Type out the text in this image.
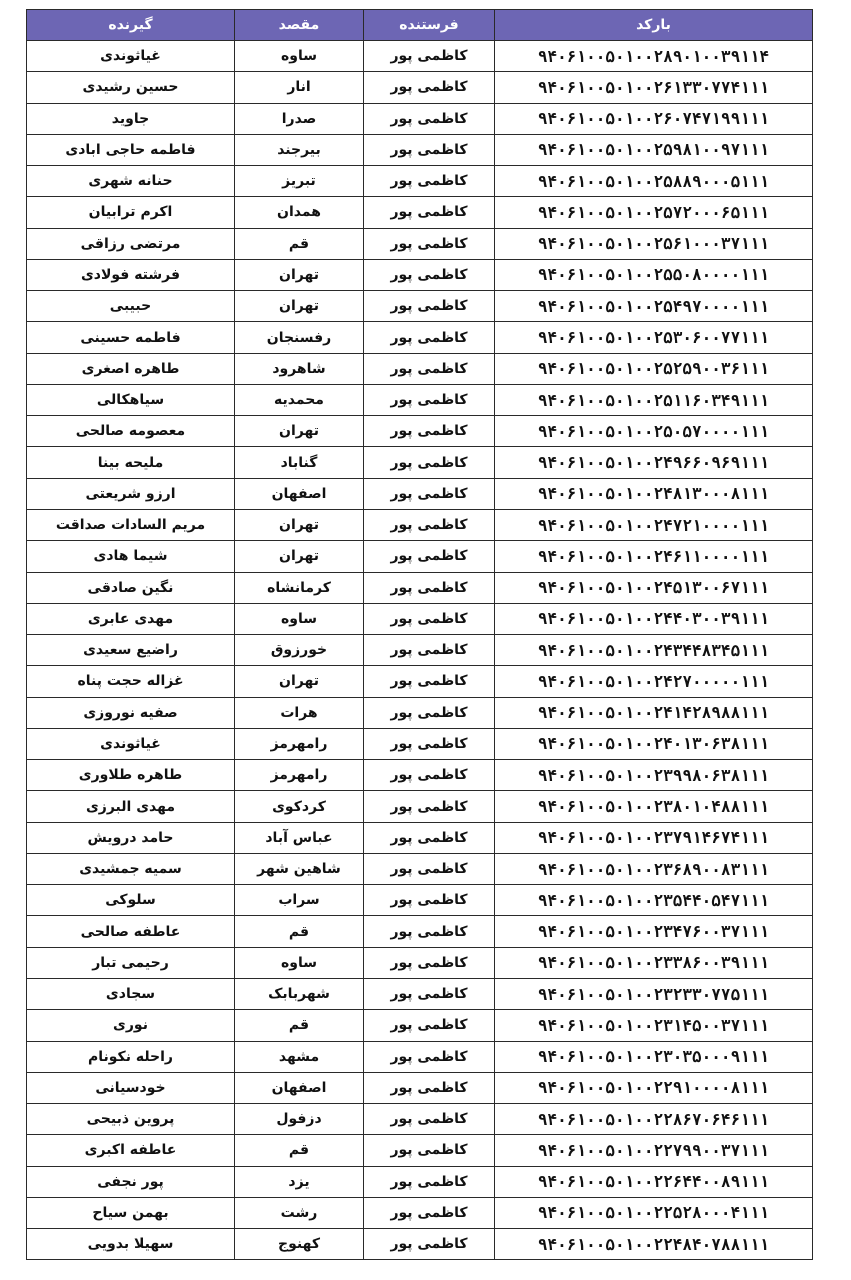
گیرنده	مقصد	فرستنده	بارکد
غیاثوندی	ساوه	کاظمی پور	۹۴۰۶۱۰۰۵۰۱۰۰۲۸۹۰۱۰۰۳۹۱۱۴
حسین رشیدی	انار	کاظمی پور	۹۴۰۶۱۰۰۵۰۱۰۰۲۶۱۳۳۰۷۷۴۱۱۱
جاوید	صدرا	کاظمی پور	۹۴۰۶۱۰۰۵۰۱۰۰۲۶۰۷۴۷۱۹۹۱۱۱
فاطمه حاجی ابادی	بیرجند	کاظمی پور	۹۴۰۶۱۰۰۵۰۱۰۰۲۵۹۸۱۰۰۹۷۱۱۱
حنانه شهری	تبریز	کاظمی پور	۹۴۰۶۱۰۰۵۰۱۰۰۲۵۸۸۹۰۰۰۵۱۱۱
اکرم ترابیان	همدان	کاظمی پور	۹۴۰۶۱۰۰۵۰۱۰۰۲۵۷۲۰۰۰۶۵۱۱۱
مرتضی رزاقی	قم	کاظمی پور	۹۴۰۶۱۰۰۵۰۱۰۰۲۵۶۱۰۰۰۳۷۱۱۱
فرشته فولادی	تهران	کاظمی پور	۹۴۰۶۱۰۰۵۰۱۰۰۲۵۵۰۸۰۰۰۰۱۱۱
حبیبی	تهران	کاظمی پور	۹۴۰۶۱۰۰۵۰۱۰۰۲۵۴۹۷۰۰۰۰۱۱۱
فاطمه حسینی	رفسنجان	کاظمی پور	۹۴۰۶۱۰۰۵۰۱۰۰۲۵۳۰۶۰۰۷۷۱۱۱
طاهره اصغری	شاهرود	کاظمی پور	۹۴۰۶۱۰۰۵۰۱۰۰۲۵۲۵۹۰۰۳۶۱۱۱
سیاهکالی	محمدیه	کاظمی پور	۹۴۰۶۱۰۰۵۰۱۰۰۲۵۱۱۶۰۳۴۹۱۱۱
معصومه صالحی	تهران	کاظمی پور	۹۴۰۶۱۰۰۵۰۱۰۰۲۵۰۵۷۰۰۰۰۱۱۱
ملیحه بینا	گناباد	کاظمی پور	۹۴۰۶۱۰۰۵۰۱۰۰۲۴۹۶۶۰۹۶۹۱۱۱
ارزو شریعتی	اصفهان	کاظمی پور	۹۴۰۶۱۰۰۵۰۱۰۰۲۴۸۱۳۰۰۰۸۱۱۱
مریم السادات صداقت	تهران	کاظمی پور	۹۴۰۶۱۰۰۵۰۱۰۰۲۴۷۲۱۰۰۰۰۱۱۱
شیما هادی	تهران	کاظمی پور	۹۴۰۶۱۰۰۵۰۱۰۰۲۴۶۱۱۰۰۰۰۱۱۱
نگین صادقی	کرمانشاه	کاظمی پور	۹۴۰۶۱۰۰۵۰۱۰۰۲۴۵۱۳۰۰۶۷۱۱۱
مهدی عابری	ساوه	کاظمی پور	۹۴۰۶۱۰۰۵۰۱۰۰۲۴۴۰۳۰۰۳۹۱۱۱
راضیع سعیدی	خورزوق	کاظمی پور	۹۴۰۶۱۰۰۵۰۱۰۰۲۴۳۴۴۸۳۴۵۱۱۱
غزاله حجت پناه	تهران	کاظمی پور	۹۴۰۶۱۰۰۵۰۱۰۰۲۴۲۷۰۰۰۰۰۱۱۱
صفیه نوروزی	هرات	کاظمی پور	۹۴۰۶۱۰۰۵۰۱۰۰۲۴۱۴۲۸۹۸۸۱۱۱
غیاثوندی	رامهرمز	کاظمی پور	۹۴۰۶۱۰۰۵۰۱۰۰۲۴۰۱۳۰۶۳۸۱۱۱
طاهره طلاوری	رامهرمز	کاظمی پور	۹۴۰۶۱۰۰۵۰۱۰۰۲۳۹۹۸۰۶۳۸۱۱۱
مهدی البرزی	کردکوی	کاظمی پور	۹۴۰۶۱۰۰۵۰۱۰۰۲۳۸۰۱۰۴۸۸۱۱۱
حامد درویش	عباس آباد	کاظمی پور	۹۴۰۶۱۰۰۵۰۱۰۰۲۳۷۹۱۴۶۷۴۱۱۱
سمیه جمشیدی	شاهین شهر	کاظمی پور	۹۴۰۶۱۰۰۵۰۱۰۰۲۳۶۸۹۰۰۸۳۱۱۱
سلوکی	سراب	کاظمی پور	۹۴۰۶۱۰۰۵۰۱۰۰۲۳۵۴۴۰۵۴۷۱۱۱
عاطفه صالحی	قم	کاظمی پور	۹۴۰۶۱۰۰۵۰۱۰۰۲۳۴۷۶۰۰۳۷۱۱۱
رحیمی تبار	ساوه	کاظمی پور	۹۴۰۶۱۰۰۵۰۱۰۰۲۳۳۸۶۰۰۳۹۱۱۱
سجادی	شهربابک	کاظمی پور	۹۴۰۶۱۰۰۵۰۱۰۰۲۳۲۳۳۰۷۷۵۱۱۱
نوری	قم	کاظمی پور	۹۴۰۶۱۰۰۵۰۱۰۰۲۳۱۴۵۰۰۳۷۱۱۱
راحله نکونام	مشهد	کاظمی پور	۹۴۰۶۱۰۰۵۰۱۰۰۲۳۰۳۵۰۰۰۹۱۱۱
خودسیانی	اصفهان	کاظمی پور	۹۴۰۶۱۰۰۵۰۱۰۰۲۲۹۱۰۰۰۰۸۱۱۱
پروین ذبیحی	دزفول	کاظمی پور	۹۴۰۶۱۰۰۵۰۱۰۰۲۲۸۶۷۰۶۴۶۱۱۱
عاطفه اکبری	قم	کاظمی پور	۹۴۰۶۱۰۰۵۰۱۰۰۲۲۷۹۹۰۰۳۷۱۱۱
پور نجفی	یزد	کاظمی پور	۹۴۰۶۱۰۰۵۰۱۰۰۲۲۶۴۴۰۰۸۹۱۱۱
بهمن سیاح	رشت	کاظمی پور	۹۴۰۶۱۰۰۵۰۱۰۰۲۲۵۲۸۰۰۰۴۱۱۱
سهیلا بدویی	کهنوج	کاظمی پور	۹۴۰۶۱۰۰۵۰۱۰۰۲۲۴۸۴۰۷۸۸۱۱۱
